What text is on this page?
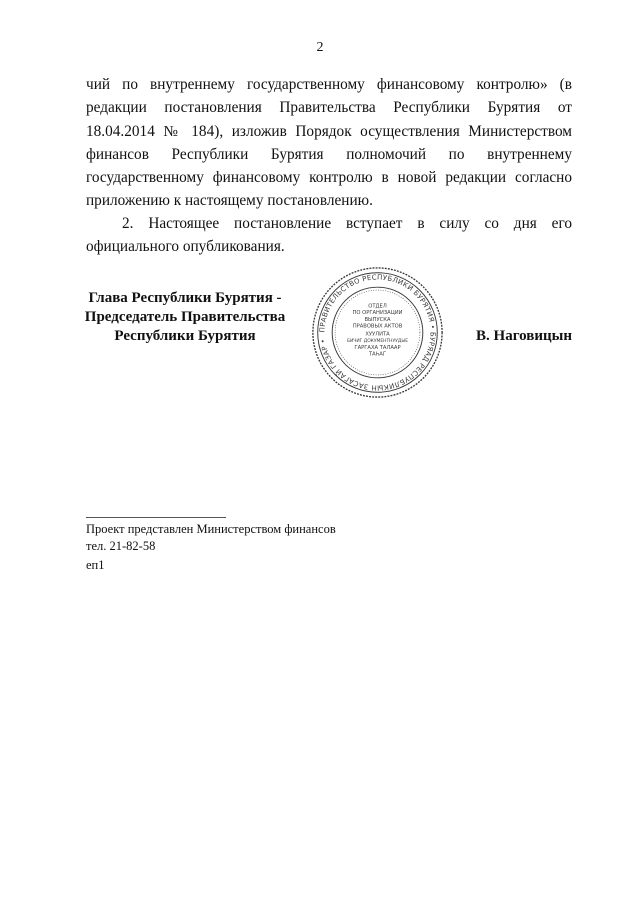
2

чий по внутреннему государственному финансовому контролю» (в редакции постановления Правительства Республики Бурятия от 18.04.2014 № 184), изложив Порядок осуществления Министерством финансов Республики Бурятия полномочий по внутреннему государственному финансовому контролю в новой редакции согласно приложению к настоящему постановлению.

2. Настоящее постановление вступает в силу со дня его официального опубликования.

Глава Республики Бурятия -
Председатель Правительства
Республики Бурятия	ПРАВИТЕЛЬСТВО РЕСПУБЛИКИ БУРЯТИЯ • БУРЯАД РЕСПУБЛИКЫН ЗАСАГАЙ ГАЗАР •
ОТДЕЛ
ПО ОРГАНИЗАЦИИ
ВЫПУСКА
ПРАВОВЫХ АКТОВ
ХУУЛИТА
БИЧИГ ДОКУМЕНТНУУДЫЕ
ГАРГАХА ТАЛААР
ТАҺАГ
В. Наговицын
Проект представлен Министерством финансов
тел. 21-82-58
еп1
